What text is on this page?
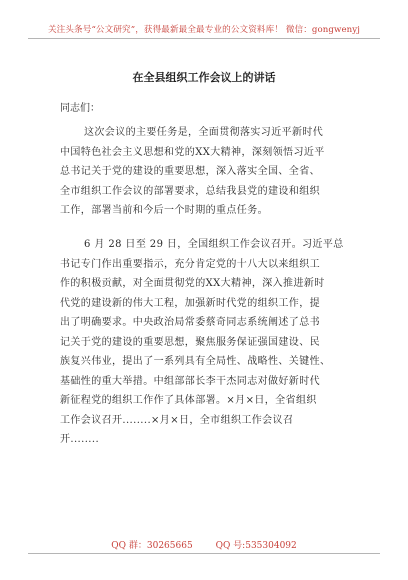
关注头条号“公文研究”，获得最新最全最专业的公文资料库！ 微信：gongwenyj
在全县组织工作会议上的讲话
同志们：

这次会议的主要任务是，全面贯彻落实习近平新时代
中国特色社会主义思想和党的XX大精神，深刻领悟习近平
总书记关于党的建设的重要思想，深入落实全国、全省、
全市组织工作会议的部署要求，总结我县党的建设和组织
工作，部署当前和今后一个时期的重点任务。

6 月 28 日至 29 日，全国组织工作会议召开。习近平总
书记专门作出重要指示，充分肯定党的十八大以来组织工
作的积极贡献，对全面贯彻党的XX大精神，深入推进新时
代党的建设新的伟大工程，加强新时代党的组织工作，提
出了明确要求。中央政治局常委蔡奇同志系统阐述了总书
记关于党的建设的重要思想，聚焦服务保证强国建设、民
族复兴伟业，提出了一系列具有全局性、战略性、关键性、
基础性的重大举措。中组部部长李干杰同志对做好新时代
新征程党的组织工作作了具体部署。×月×日，全省组织
工作会议召开........×月×日，全市组织工作会议召
开........

QQ 群：30265665	QQ 号:535304092
